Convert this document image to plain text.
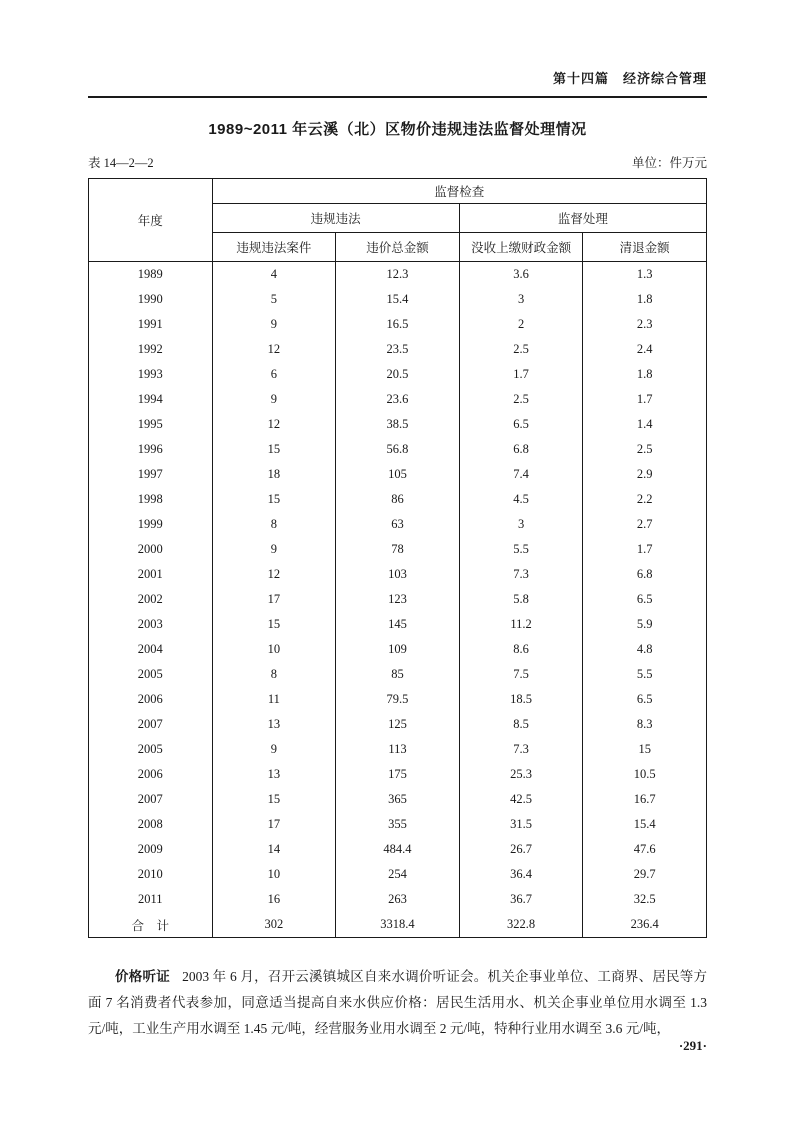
第十四篇　经济综合管理
1989~2011 年云溪（北）区物价违规违法监督处理情况
表 14—2—2	单位：件万元
年度	监督检查			
	违规违法		监督处理	
	违规违法案件	违价总金额	没收上缴财政金额	清退金额
1989	4	12.3	3.6	1.3
1990	5	15.4	3	1.8
1991	9	16.5	2	2.3
1992	12	23.5	2.5	2.4
1993	6	20.5	1.7	1.8
1994	9	23.6	2.5	1.7
1995	12	38.5	6.5	1.4
1996	15	56.8	6.8	2.5
1997	18	105	7.4	2.9
1998	15	86	4.5	2.2
1999	8	63	3	2.7
2000	9	78	5.5	1.7
2001	12	103	7.3	6.8
2002	17	123	5.8	6.5
2003	15	145	11.2	5.9
2004	10	109	8.6	4.8
2005	8	85	7.5	5.5
2006	11	79.5	18.5	6.5
2007	13	125	8.5	8.3
2005	9	113	7.3	15
2006	13	175	25.3	10.5
2007	15	365	42.5	16.7
2008	17	355	31.5	15.4
2009	14	484.4	26.7	47.6
2010	10	254	36.4	29.7
2011	16	263	36.7	32.5
合　计	302	3318.4	322.8	236.4

价格听证 2003 年 6 月，召开云溪镇城区自来水调价听证会。机关企事业单位、工商界、居民等方面 7 名消费者代表参加，同意适当提高自来水供应价格：居民生活用水、机关企事业单位用水调至 1.3 元/吨，工业生产用水调至 1.45 元/吨，经营服务业用水调至 2 元/吨，特种行业用水调至 3.6 元/吨，

·291·
